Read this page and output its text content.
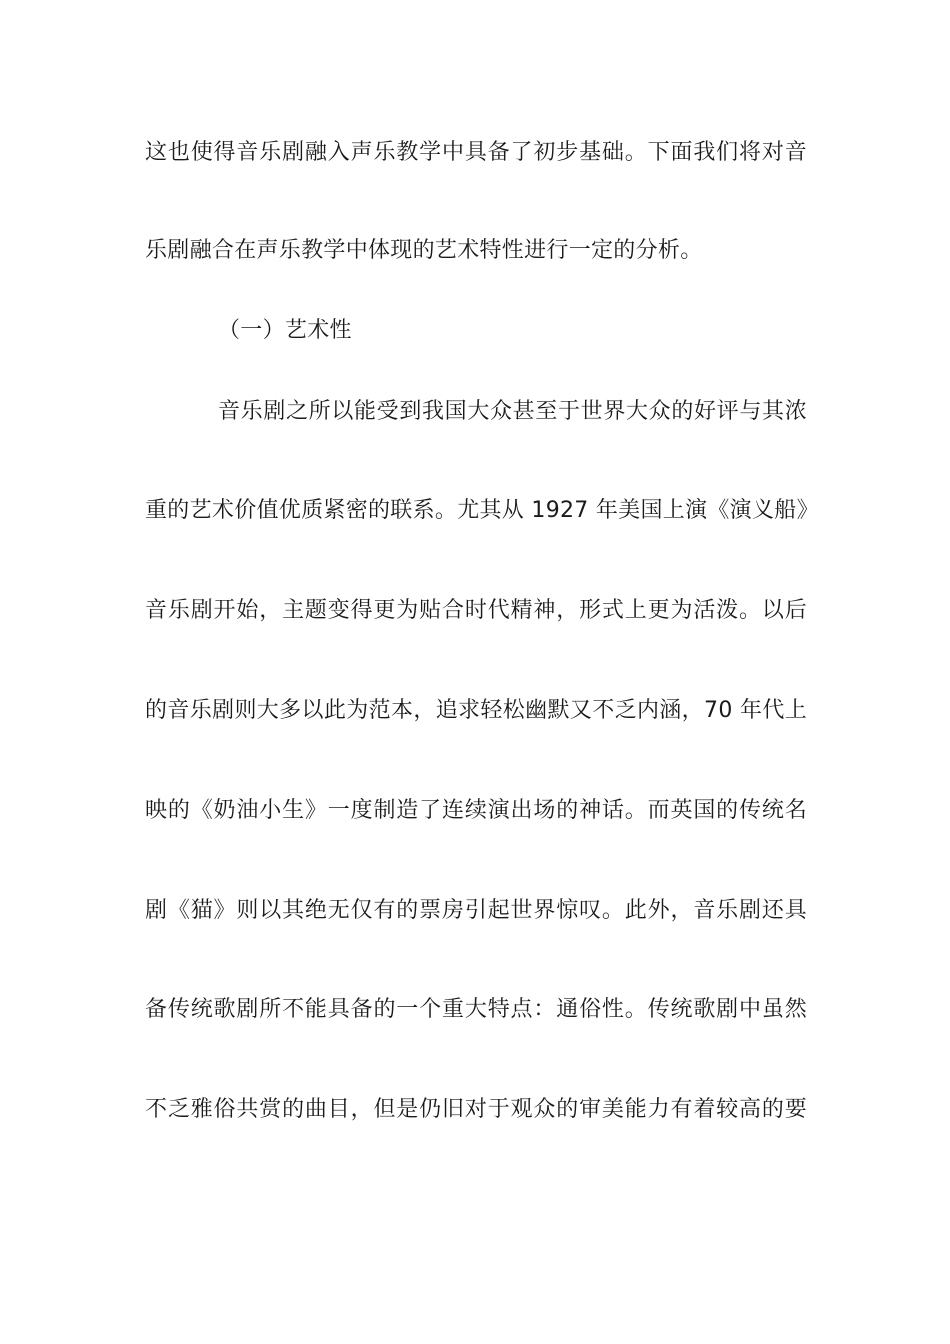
这也使得音乐剧融入声乐教学中具备了初步基础。下面我们将对音
乐剧融合在声乐教学中体现的艺术特性进行一定的分析。
（一）艺术性
音乐剧之所以能受到我国大众甚至于世界大众的好评与其浓
重的艺术价值优质紧密的联系。尤其从 1927 年美国上演《演义船》
音乐剧开始，主题变得更为贴合时代精神，形式上更为活泼。以后
的音乐剧则大多以此为范本，追求轻松幽默又不乏内涵，70 年代上
映的《奶油小生》一度制造了连续演出场的神话。而英国的传统名
剧《猫》则以其绝无仅有的票房引起世界惊叹。此外，音乐剧还具
备传统歌剧所不能具备的一个重大特点：通俗性。传统歌剧中虽然
不乏雅俗共赏的曲目，但是仍旧对于观众的审美能力有着较高的要
